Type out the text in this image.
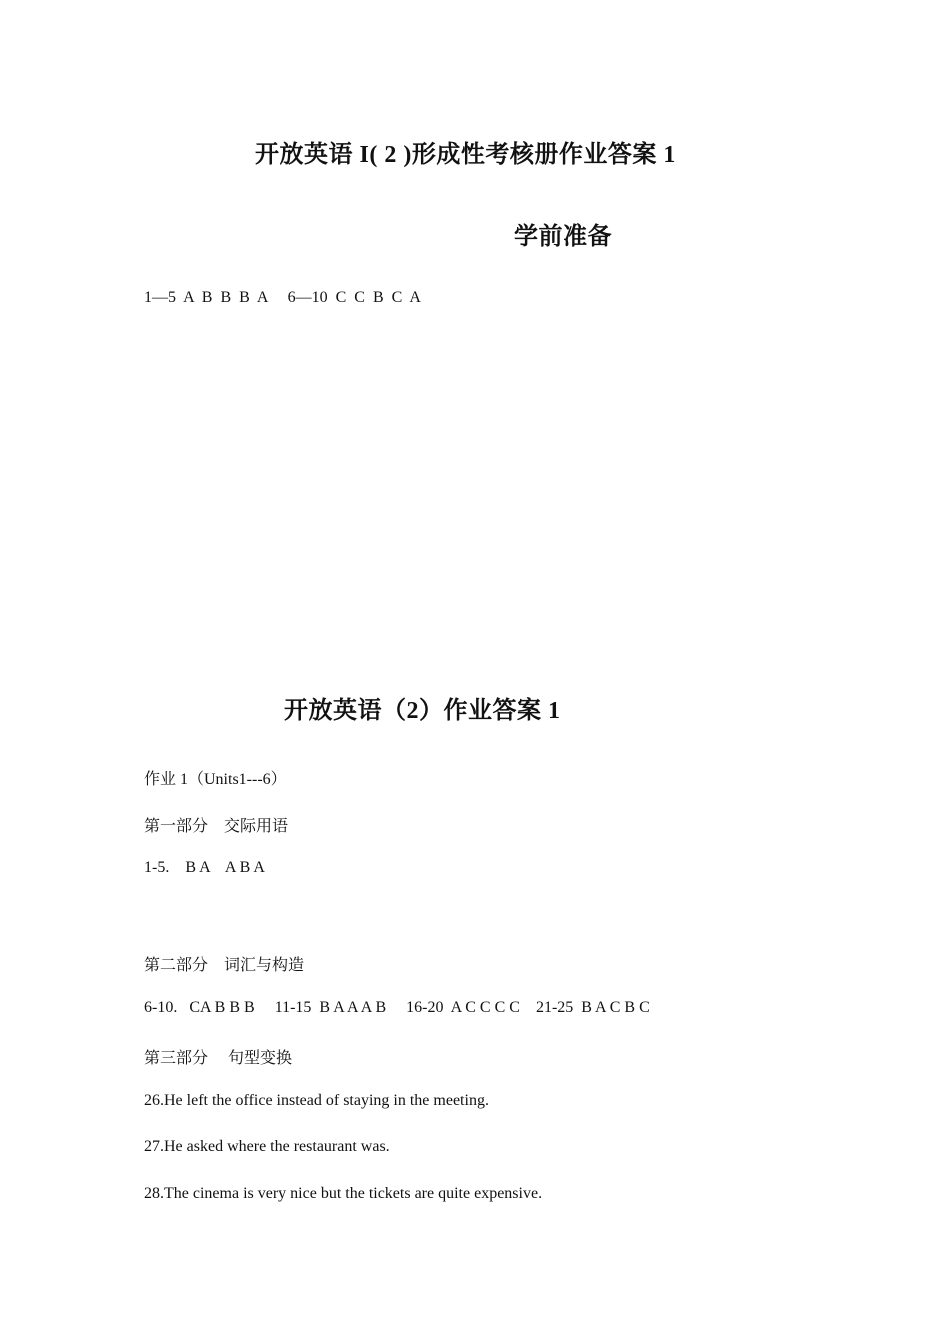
开放英语 I( 2 )形成性考核册作业答案 1
学前准备
1—5  A  B  B  B  A     6—10  C  C  B  C  A
开放英语（2）作业答案 1
作业 1（Units1---6）
第一部分    交际用语
1-5.    B A    A B A
第二部分    词汇与构造
6-10.   CA B B B     11-15  B A A A B     16-20  A C C C C    21-25  B A C B C
第三部分     句型变换
26.He left the office instead of staying in the meeting.
27.He asked where the restaurant was.
28.The cinema is very nice but the tickets are quite expensive.
